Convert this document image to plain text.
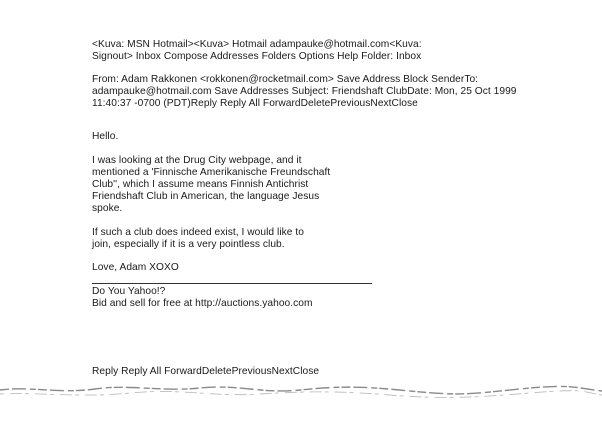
<Kuva: MSN Hotmail><Kuva> Hotmail adampauke@hotmail.com<Kuva:
Signout> Inbox Compose Addresses Folders Options Help Folder: Inbox
From: Adam Rakkonen <rokkonen@rocketmail.com> Save Address Block SenderTo:
adampauke@hotmail.com Save Addresses Subject: Friendshaft ClubDate: Mon, 25 Oct 1999
11:40:37 -0700 (PDT)Reply Reply All ForwardDeletePreviousNextClose
Hello.
I was looking at the Drug City webpage, and it
mentioned a 'Finnische Amerikanische Freundschaft
Club'', which I assume means Finnish Antichrist
Friendshaft Club in American, the language Jesus
spoke.
If such a club does indeed exist, I would like to
join, especially if it is a very pointless club.
Love, Adam XOXO
Do You Yahoo!?
Bid and sell for free at http://auctions.yahoo.com
Reply Reply All ForwardDeletePreviousNextClose
